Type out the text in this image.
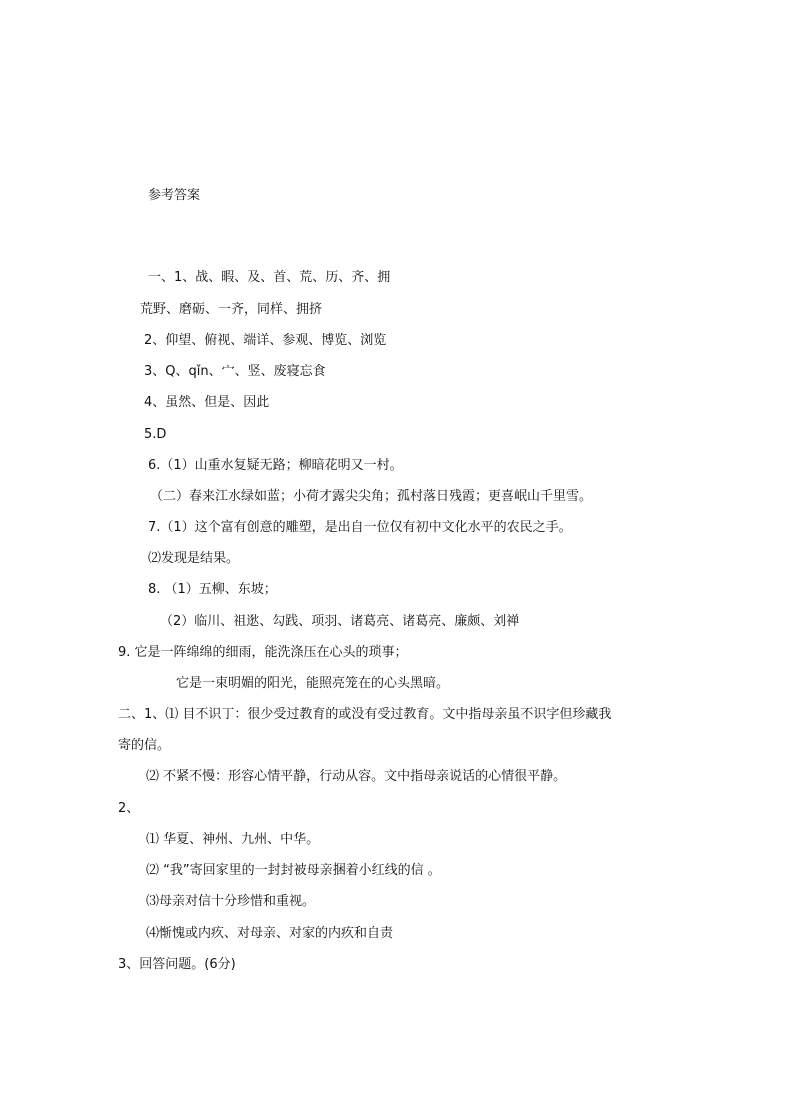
参考答案
一、1、战、暇、及、首、荒、历、齐、拥
荒野、磨砺、一齐，同样、拥挤
2、仰望、俯视、端详、参观、博览、浏览
3、Q、qǐn、宀、竖、废寝忘食
4、虽然、但是、因此
5.D
6.（1）山重水复疑无路；柳暗花明又一村。
（二）春来江水绿如蓝；小荷才露尖尖角；孤村落日残霞；更喜岷山千里雪。
7.（1）这个富有创意的雕塑，是出自一位仅有初中文化水平的农民之手。
⑵发现是结果。
8. （1）五柳、东坡；
（2）临川、祖逖、勾践、项羽、诸葛亮、诸葛亮、廉颇、刘禅
9. 它是一阵绵绵的细雨，能洗涤压在心头的琐事；
它是一束明媚的阳光，能照亮笼在的心头黑暗。
二、1、⑴ 目不识丁：很少受过教育的或没有受过教育。文中指母亲虽不识字但珍藏我
寄的信。
⑵ 不紧不慢：形容心情平静，行动从容。文中指母亲说话的心情很平静。
2、
⑴ 华夏、神州、九州、中华。
⑵ “我”寄回家里的一封封被母亲捆着小红线的信 。
⑶母亲对信十分珍惜和重视。
⑷惭愧或内疚、对母亲、对家的内疚和自责
3、回答问题。(6分)
